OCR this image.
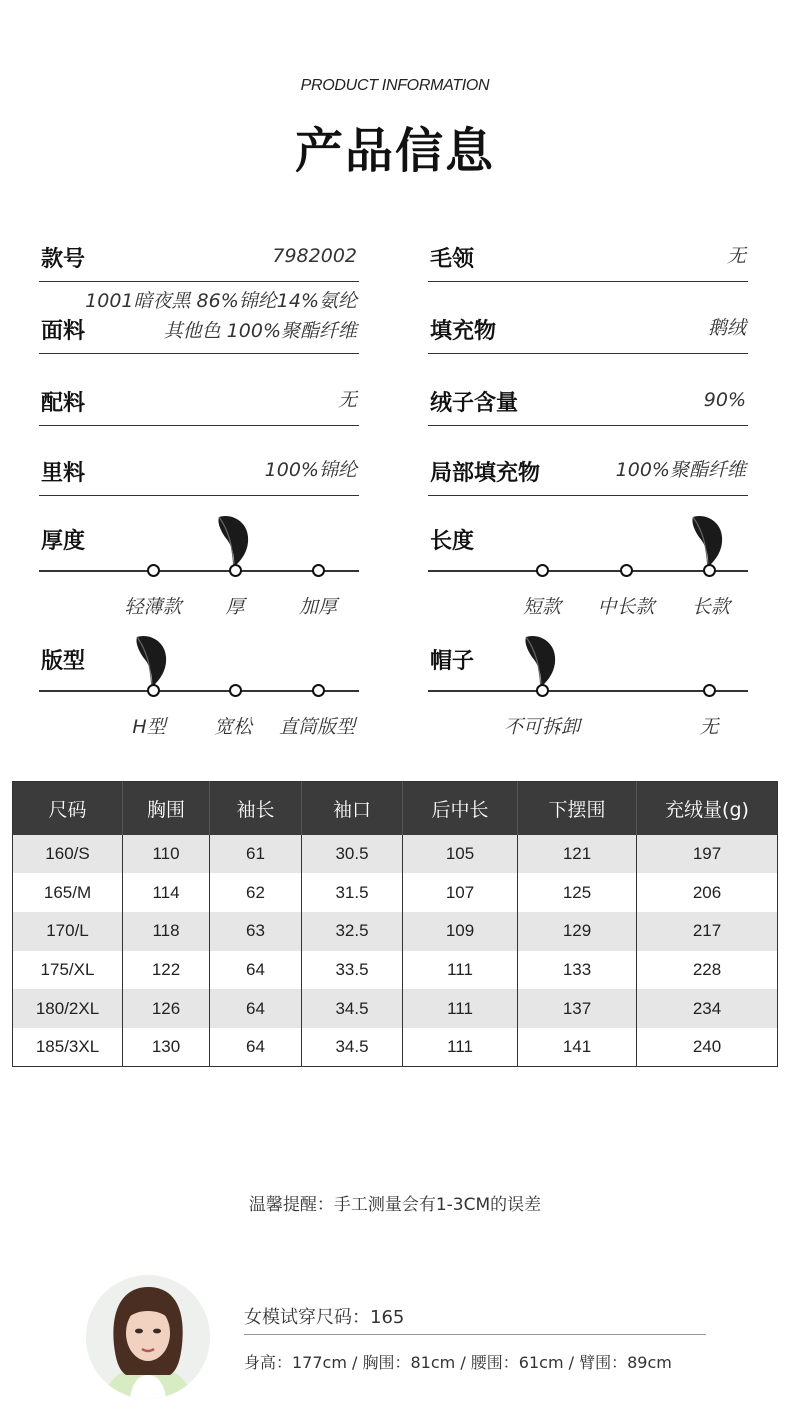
PRODUCT INFORMATION
产品信息
款号	7982002
面料
1001暗夜黑 86%锦纶14%氨纶
其他色 100%聚酯纤维
配料	无
里料	100%锦纶
毛领	无
填充物	鹅绒
绒子含量	90%
局部填充物	100%聚酯纤维
厚度
轻薄款	厚	加厚
长度
短款	中长款	长款
版型
H型	宽松	直筒版型
帽子
不可拆卸	无
尺码	胸围	袖长	袖口	后中长	下摆围	充绒量(g)
160/S	110	61	30.5	105	121	197
165/M	114	62	31.5	107	125	206
170/L	118	63	32.5	109	129	217
175/XL	122	64	33.5	111	133	228
180/2XL	126	64	34.5	111	137	234
185/3XL	130	64	34.5	111	141	240
温馨提醒：手工测量会有1-3CM的误差
女模试穿尺码：165
身高：177cm / 胸围：81cm / 腰围：61cm / 臂围：89cm
